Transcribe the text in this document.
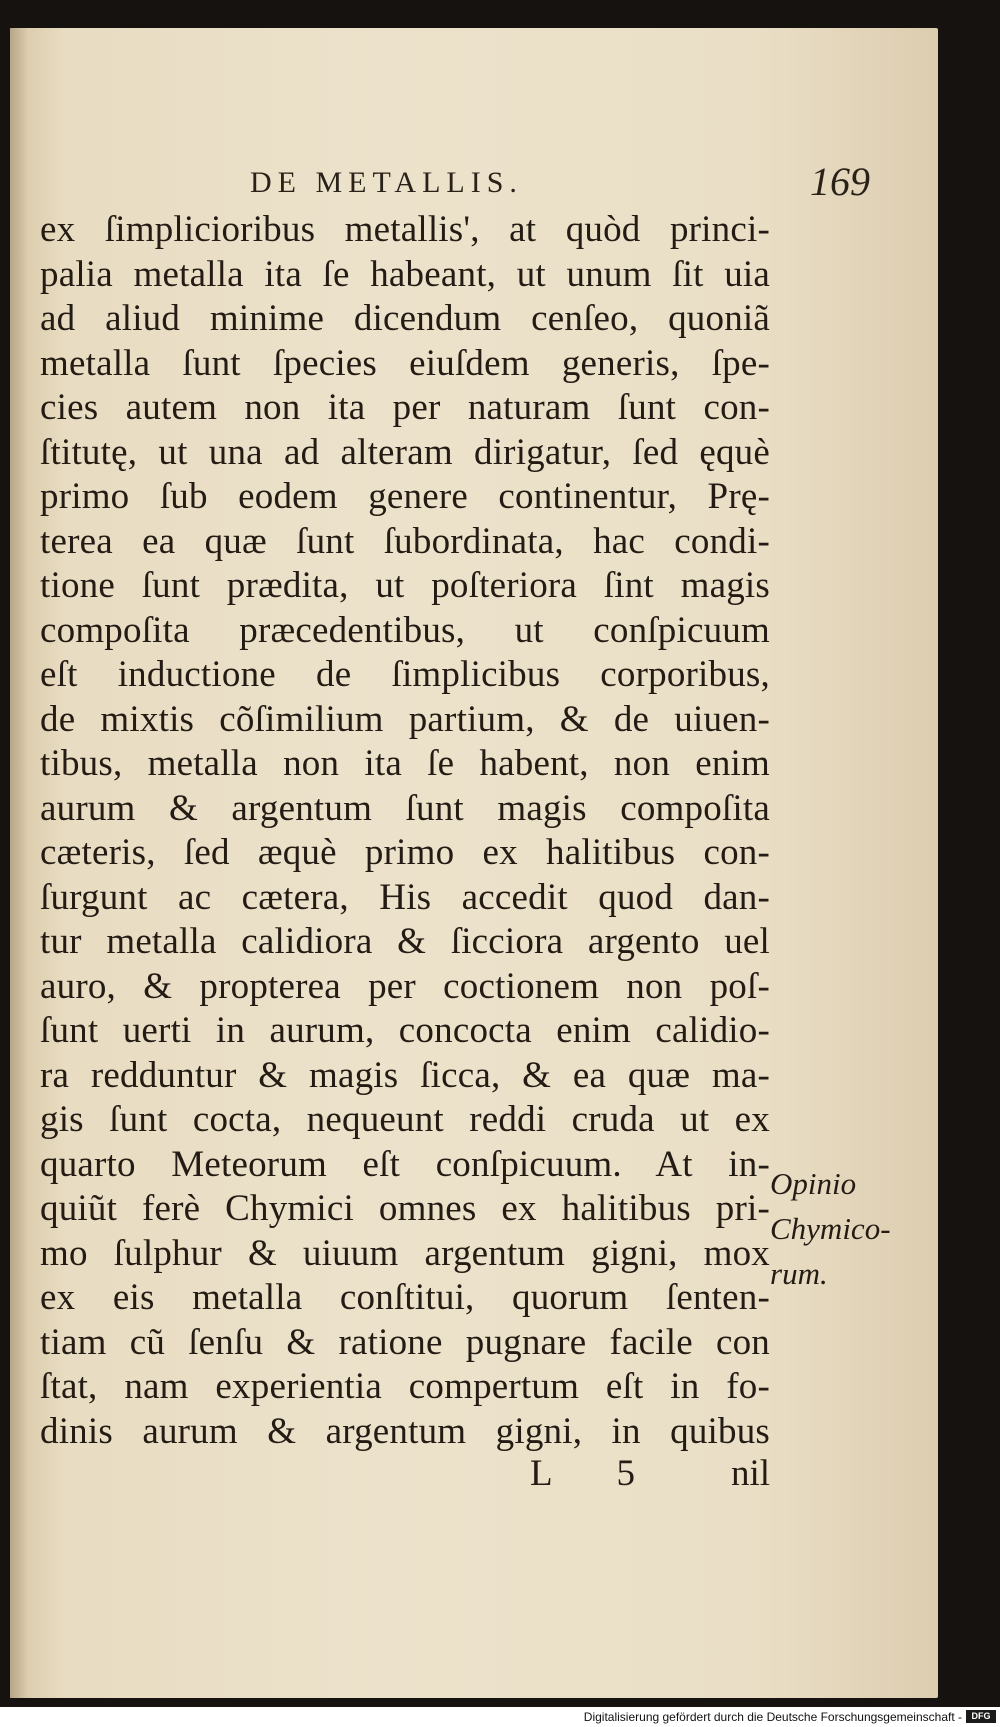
DE METALLIS.	169
ex ſimplicioribus metallis', at quòd princi-
palia metalla ita ſe habeant, ut unum ſit uia
ad aliud minime dicendum cenſeo, quoniã
metalla ſunt ſpecies eiuſdem generis, ſpe-
cies autem non ita per naturam ſunt con-
ſtitutę, ut una ad alteram dirigatur, ſed ęquè
primo ſub eodem genere continentur, Prę-
terea ea quæ ſunt ſubordinata, hac condi-
tione ſunt prædita, ut poſteriora ſint magis
compoſita præcedentibus, ut conſpicuum
eſt inductione de ſimplicibus corporibus,
de mixtis cõſimilium partium, & de uiuen-
tibus, metalla non ita ſe habent, non enim
aurum & argentum ſunt magis compoſita
cæteris, ſed æquè primo ex halitibus con-
ſurgunt ac cætera, His accedit quod dan-
tur metalla calidiora & ſicciora argento uel
auro, & propterea per coctionem non poſ-
ſunt uerti in aurum, concocta enim calidio-
ra redduntur & magis ſicca, & ea quæ ma-
gis ſunt cocta, nequeunt reddi cruda ut ex
quarto Meteorum eſt conſpicuum. At in-
quiũt ferè Chymici omnes ex halitibus pri-
mo ſulphur & uiuum argentum gigni, mox
ex eis metalla conſtitui, quorum ſenten-
tiam cũ ſenſu & ratione pugnare facile con
ſtat, nam experientia compertum eſt in fo-
dinis aurum & argentum gigni, in quibus
Opinio
Chymico-
rum.
L 5 nil
Digitalisierung gefördert durch die Deutsche Forschungsgemeinschaft -	DFG
